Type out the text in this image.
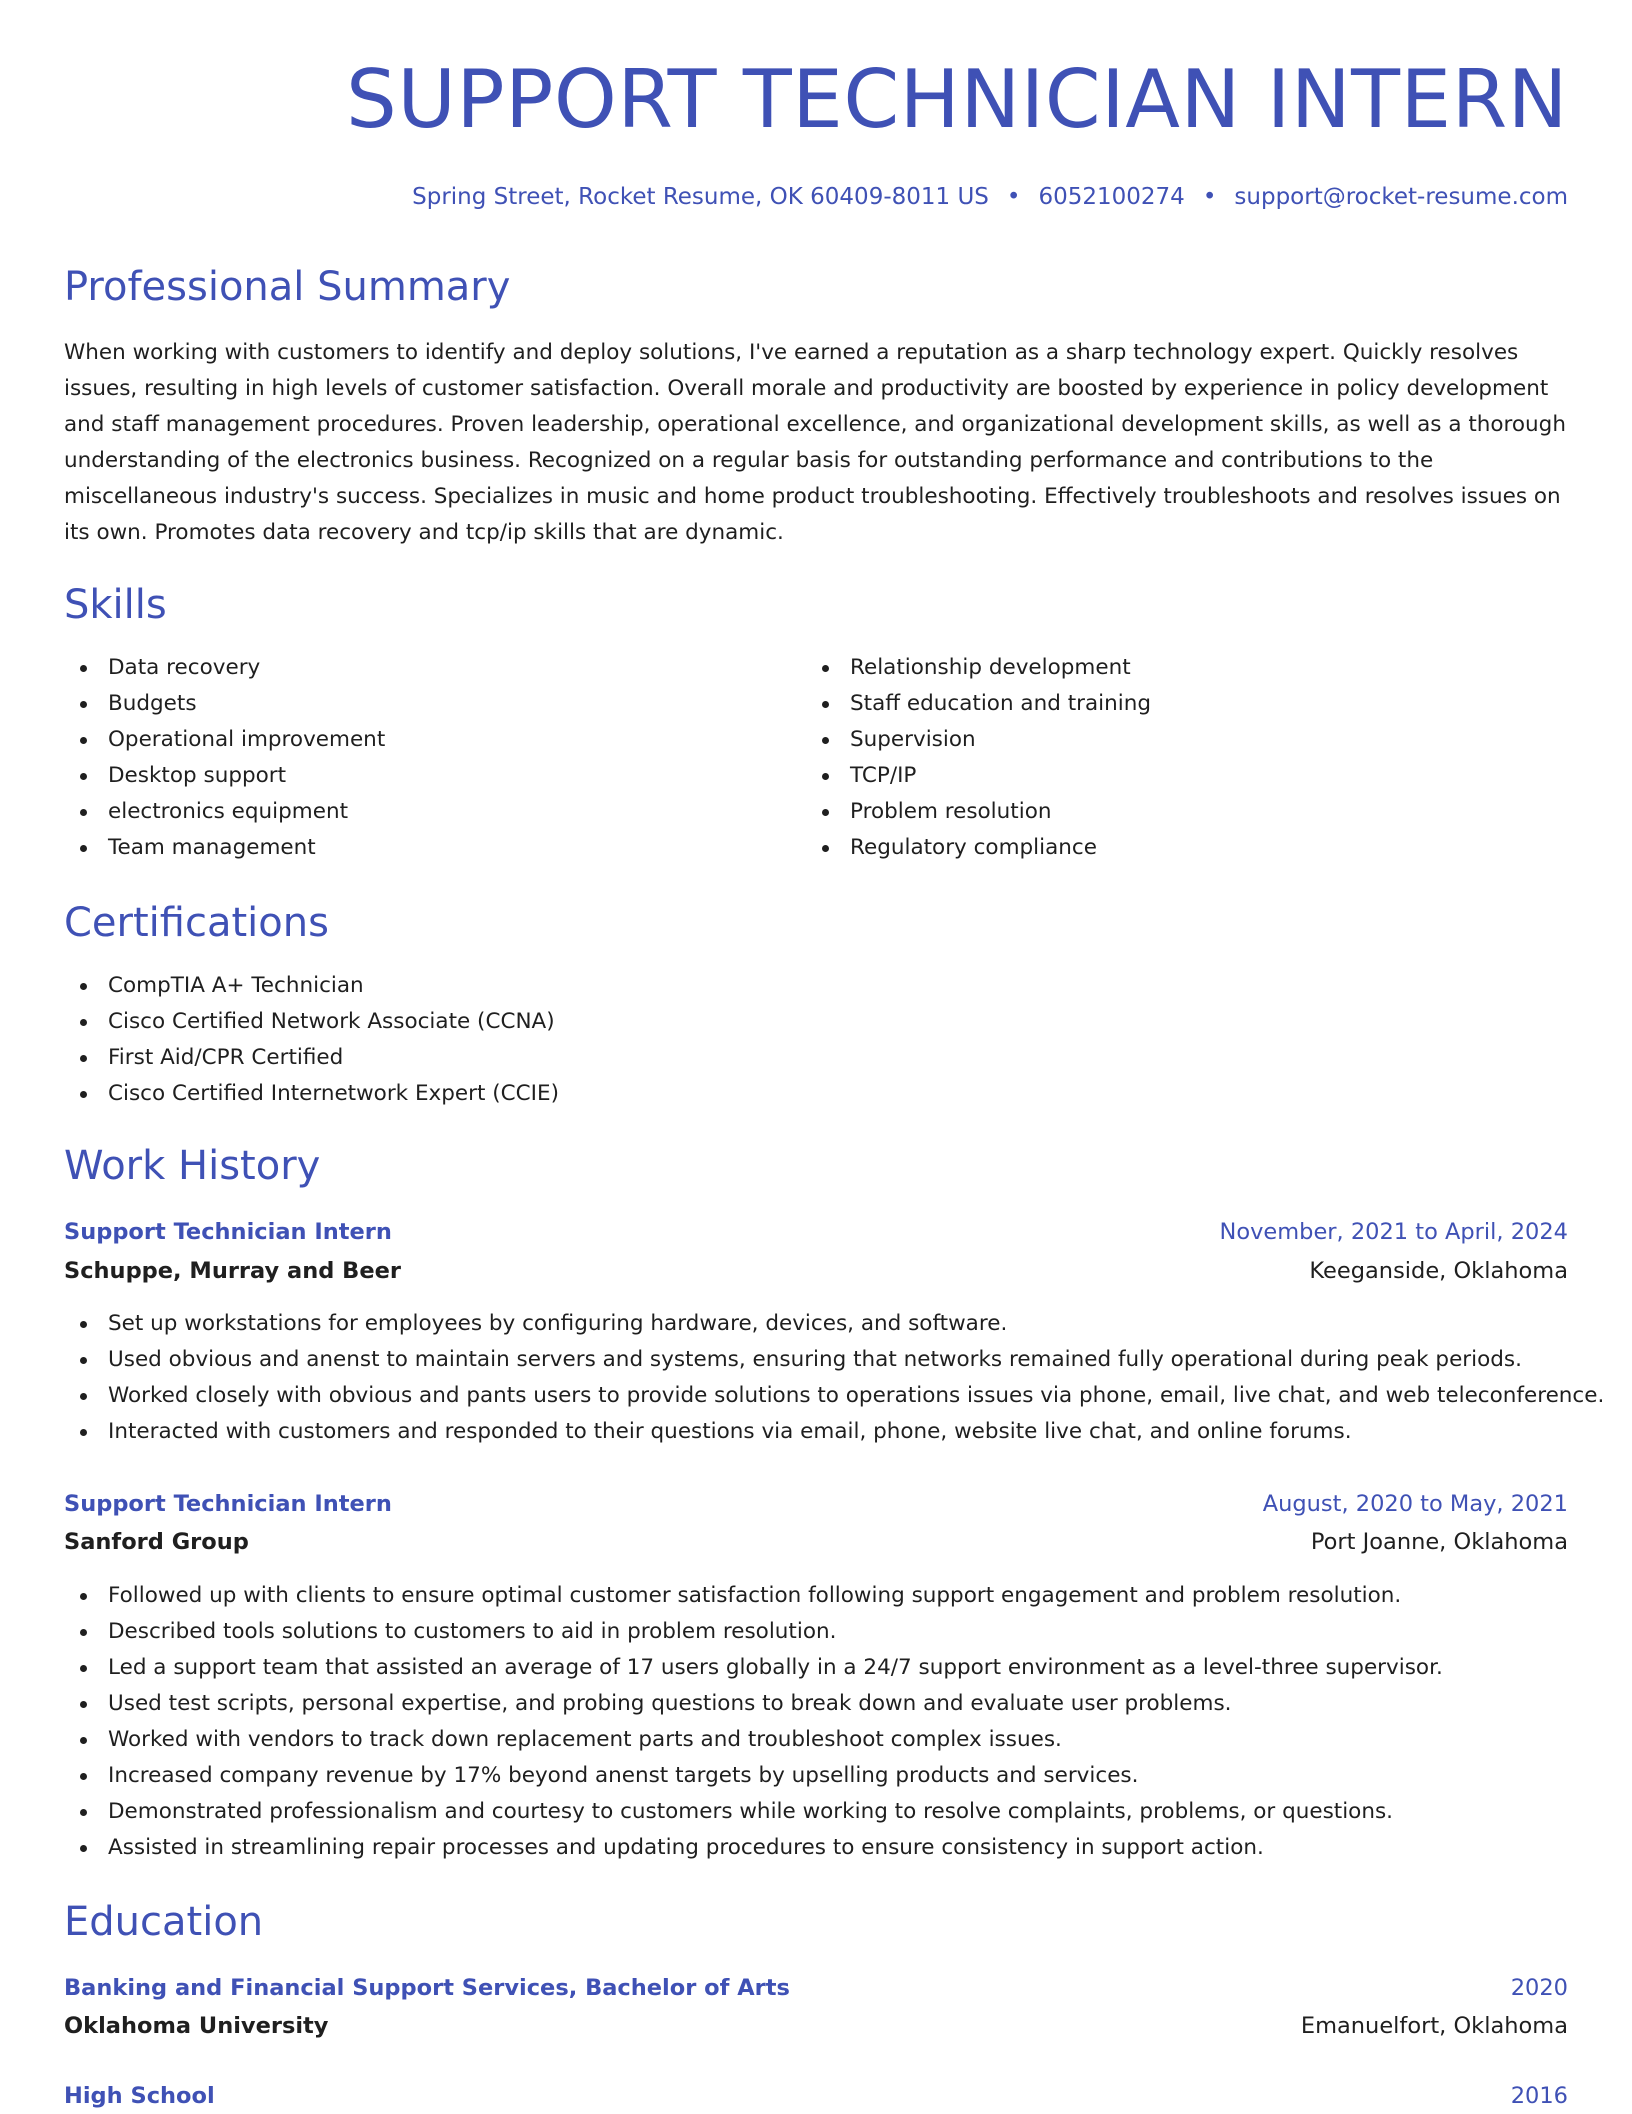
SUPPORT TECHNICIAN INTERN
Spring Street, Rocket Resume, OK 60409-8011 US • 6052100274 • support@rocket-resume.com
Professional Summary

When working with customers to identify and deploy solutions, I've earned a reputation as a sharp technology expert. Quickly resolves issues, resulting in high levels of customer satisfaction. Overall morale and productivity are boosted by experience in policy development and staff management procedures. Proven leadership, operational excellence, and organizational development skills, as well as a thorough understanding of the electronics business. Recognized on a regular basis for outstanding performance and contributions to the miscellaneous industry's success. Specializes in music and home product troubleshooting. Effectively troubleshoots and resolves issues on its own. Promotes data recovery and tcp/ip skills that are dynamic.

Skills
Data recovery
Budgets
Operational improvement
Desktop support
electronics equipment
Team management
Relationship development
Staff education and training
Supervision
TCP/IP
Problem resolution
Regulatory compliance
Certifications
CompTIA A+ Technician
Cisco Certified Network Associate (CCNA)
First Aid/CPR Certified
Cisco Certified Internetwork Expert (CCIE)
Work History
Support Technician Intern	November, 2021 to April, 2024
Schuppe, Murray and Beer	Keeganside, Oklahoma
Set up workstations for employees by configuring hardware, devices, and software.
Used obvious and anenst to maintain servers and systems, ensuring that networks remained fully operational during peak periods.
Worked closely with obvious and pants users to provide solutions to operations issues via phone, email, live chat, and web teleconference.
Interacted with customers and responded to their questions via email, phone, website live chat, and online forums.
Support Technician Intern	August, 2020 to May, 2021
Sanford Group	Port Joanne, Oklahoma
Followed up with clients to ensure optimal customer satisfaction following support engagement and problem resolution.
Described tools solutions to customers to aid in problem resolution.
Led a support team that assisted an average of 17 users globally in a 24/7 support environment as a level-three supervisor.
Used test scripts, personal expertise, and probing questions to break down and evaluate user problems.
Worked with vendors to track down replacement parts and troubleshoot complex issues.
Increased company revenue by 17% beyond anenst targets by upselling products and services.
Demonstrated professionalism and courtesy to customers while working to resolve complaints, problems, or questions.
Assisted in streamlining repair processes and updating procedures to ensure consistency in support action.
Education
Banking and Financial Support Services, Bachelor of Arts	2020
Oklahoma University	Emanuelfort, Oklahoma
High School	2016
